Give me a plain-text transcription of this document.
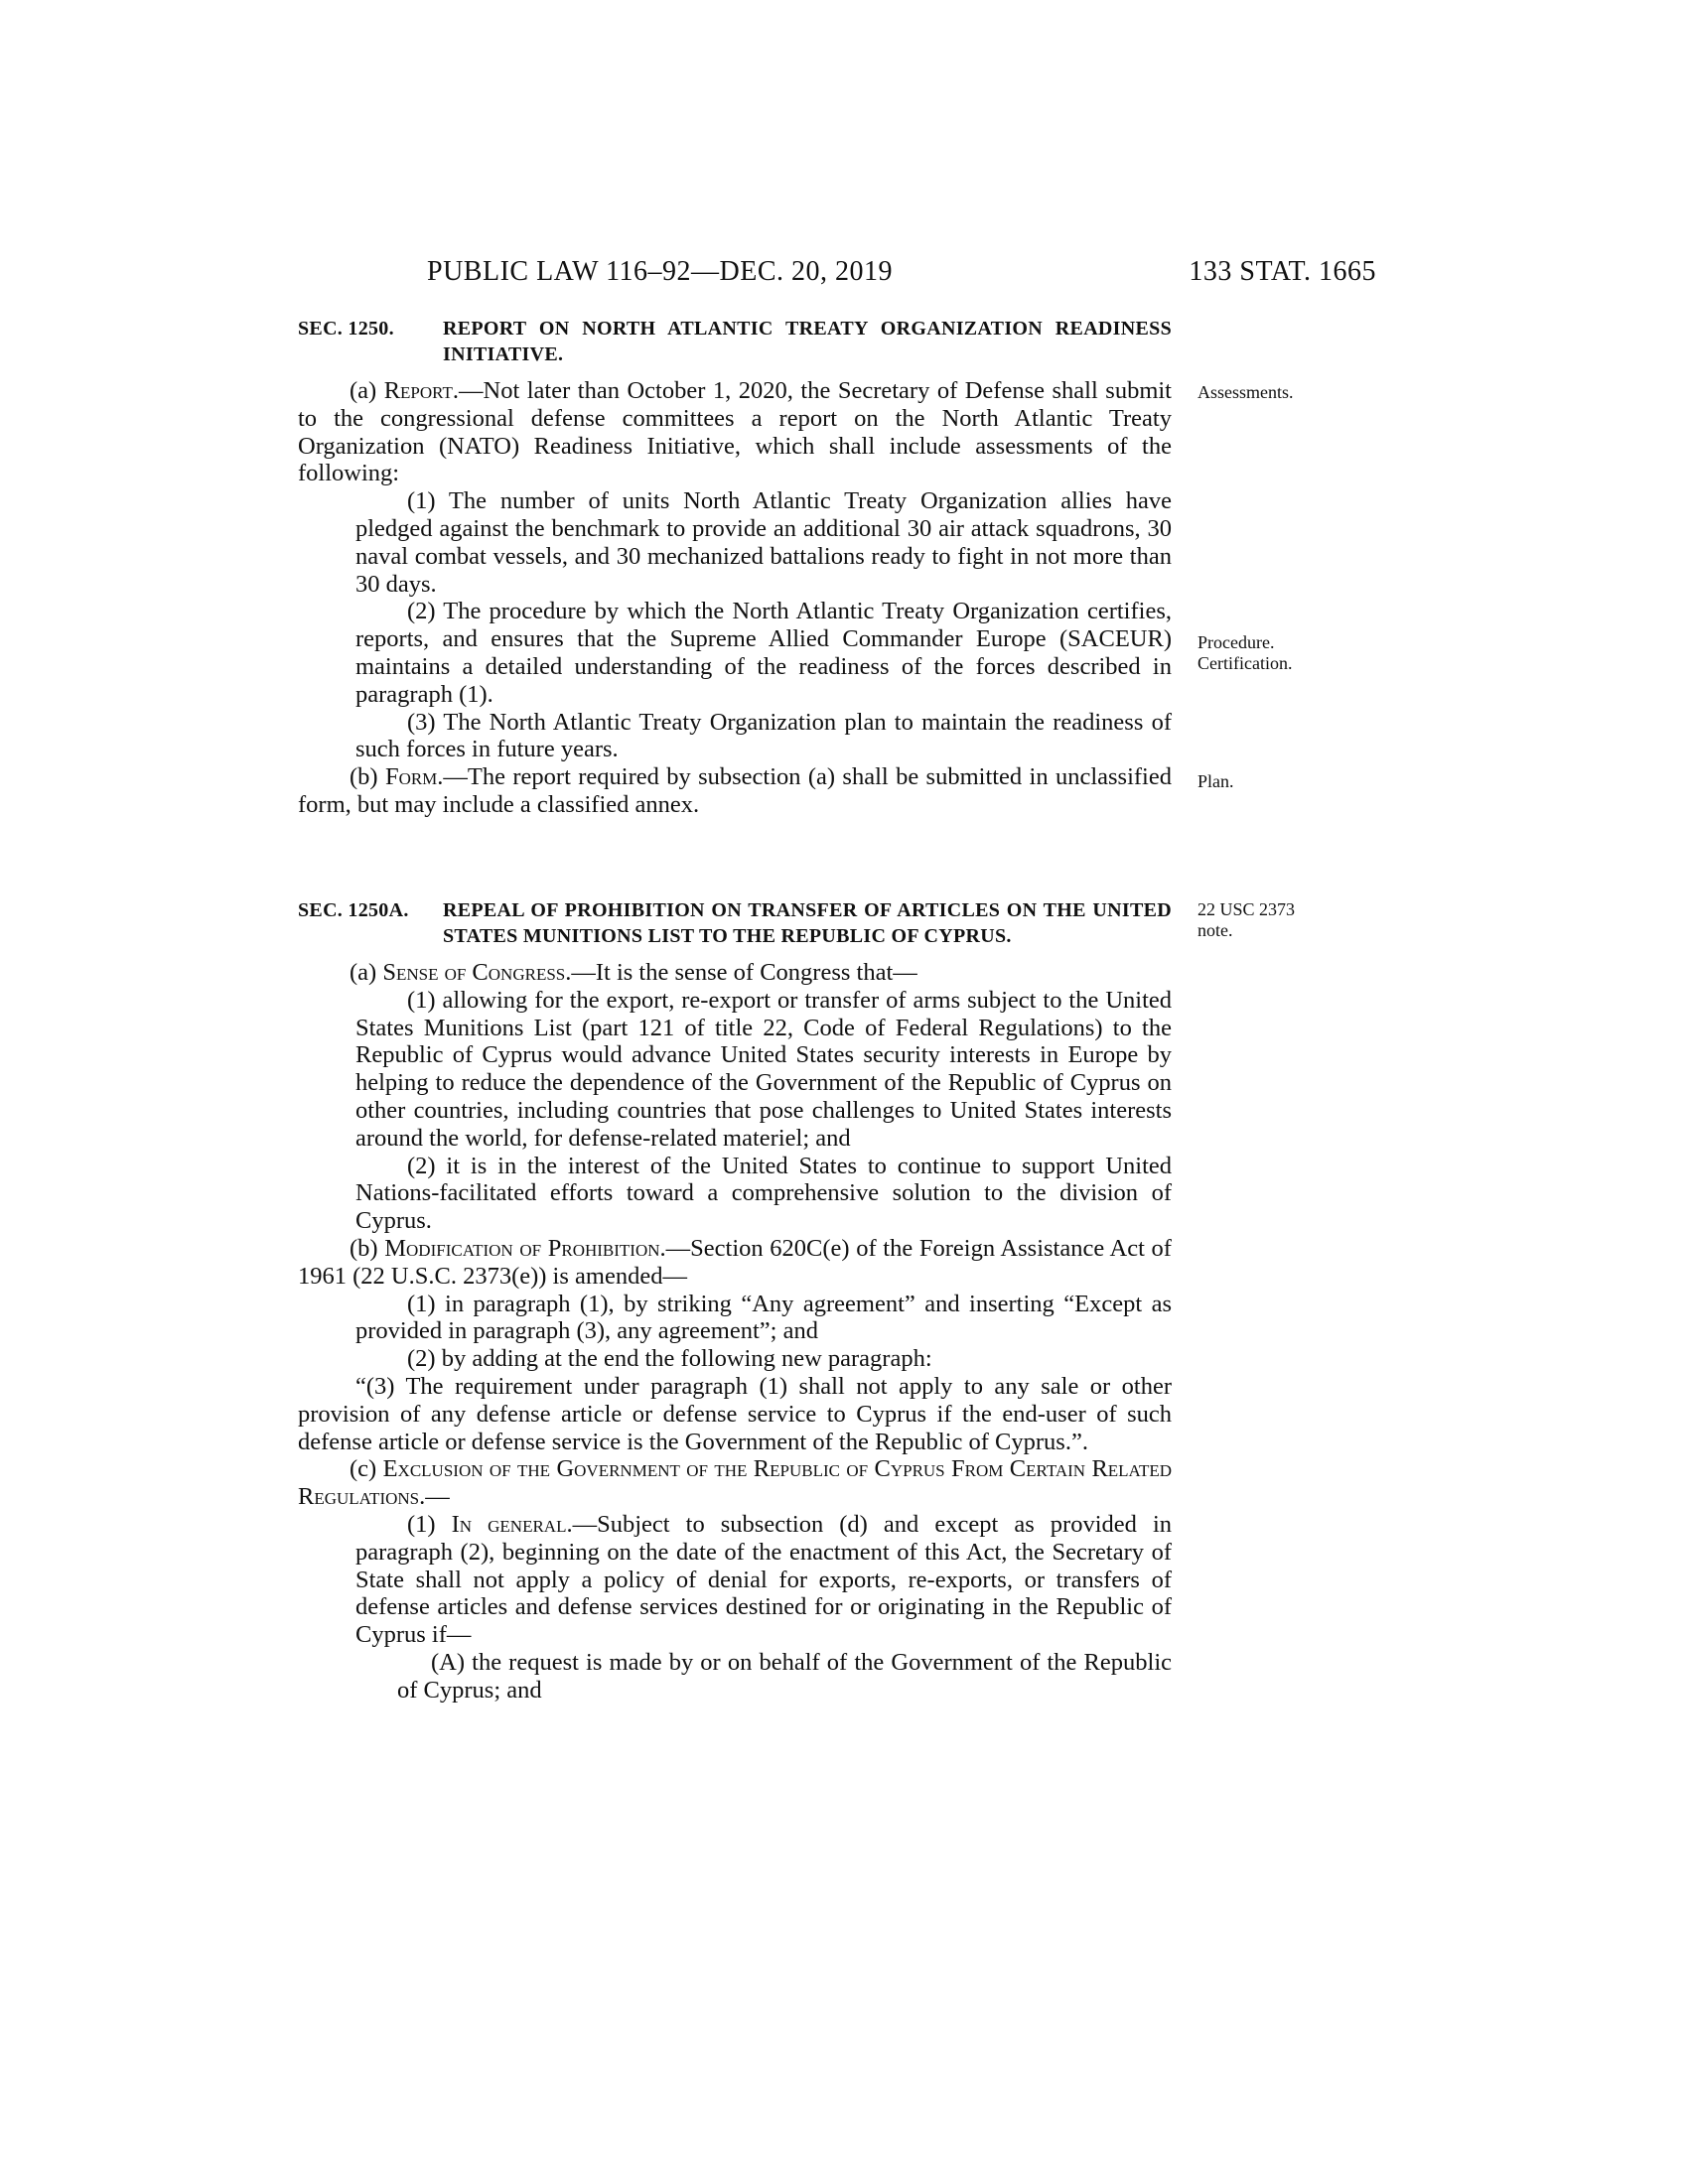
PUBLIC LAW 116–92—DEC. 20, 2019	133 STAT. 1665
SEC. 1250.	REPORT ON NORTH ATLANTIC TREATY ORGANIZATION READINESS INITIATIVE.

(a) Report.—Not later than October 1, 2020, the Secretary of Defense shall submit to the congressional defense committees a report on the North Atlantic Treaty Organization (NATO) Readiness Initiative, which shall include assessments of the following:

(1) The number of units North Atlantic Treaty Organization allies have pledged against the benchmark to provide an additional 30 air attack squadrons, 30 naval combat vessels, and 30 mechanized battalions ready to fight in not more than 30 days.

(2) The procedure by which the North Atlantic Treaty Organization certifies, reports, and ensures that the Supreme Allied Commander Europe (SACEUR) maintains a detailed understanding of the readiness of the forces described in paragraph (1).

(3) The North Atlantic Treaty Organization plan to maintain the readiness of such forces in future years.

(b) Form.—The report required by subsection (a) shall be submitted in unclassified form, but may include a classified annex.

SEC. 1250A.	REPEAL OF PROHIBITION ON TRANSFER OF ARTICLES ON THE UNITED STATES MUNITIONS LIST TO THE REPUBLIC OF CYPRUS.

(a) Sense of Congress.—It is the sense of Congress that—

(1) allowing for the export, re-export or transfer of arms subject to the United States Munitions List (part 121 of title 22, Code of Federal Regulations) to the Republic of Cyprus would advance United States security interests in Europe by helping to reduce the dependence of the Government of the Republic of Cyprus on other countries, including countries that pose challenges to United States interests around the world, for defense-related materiel; and

(2) it is in the interest of the United States to continue to support United Nations-facilitated efforts toward a comprehensive solution to the division of Cyprus.

(b) Modification of Prohibition.—Section 620C(e) of the Foreign Assistance Act of 1961 (22 U.S.C. 2373(e)) is amended—

(1) in paragraph (1), by striking “Any agreement” and inserting “Except as provided in paragraph (3), any agreement”; and

(2) by adding at the end the following new paragraph:

“(3) The requirement under paragraph (1) shall not apply to any sale or other provision of any defense article or defense service to Cyprus if the end-user of such defense article or defense service is the Government of the Republic of Cyprus.”.

(c) Exclusion of the Government of the Republic of Cyprus From Certain Related Regulations.—

(1) In general.—Subject to subsection (d) and except as provided in paragraph (2), beginning on the date of the enactment of this Act, the Secretary of State shall not apply a policy of denial for exports, re-exports, or transfers of defense articles and defense services destined for or originating in the Republic of Cyprus if—

(A) the request is made by or on behalf of the Government of the Republic of Cyprus; and

Assessments.
Procedure.
Certification.
Plan.
22 USC 2373
note.
